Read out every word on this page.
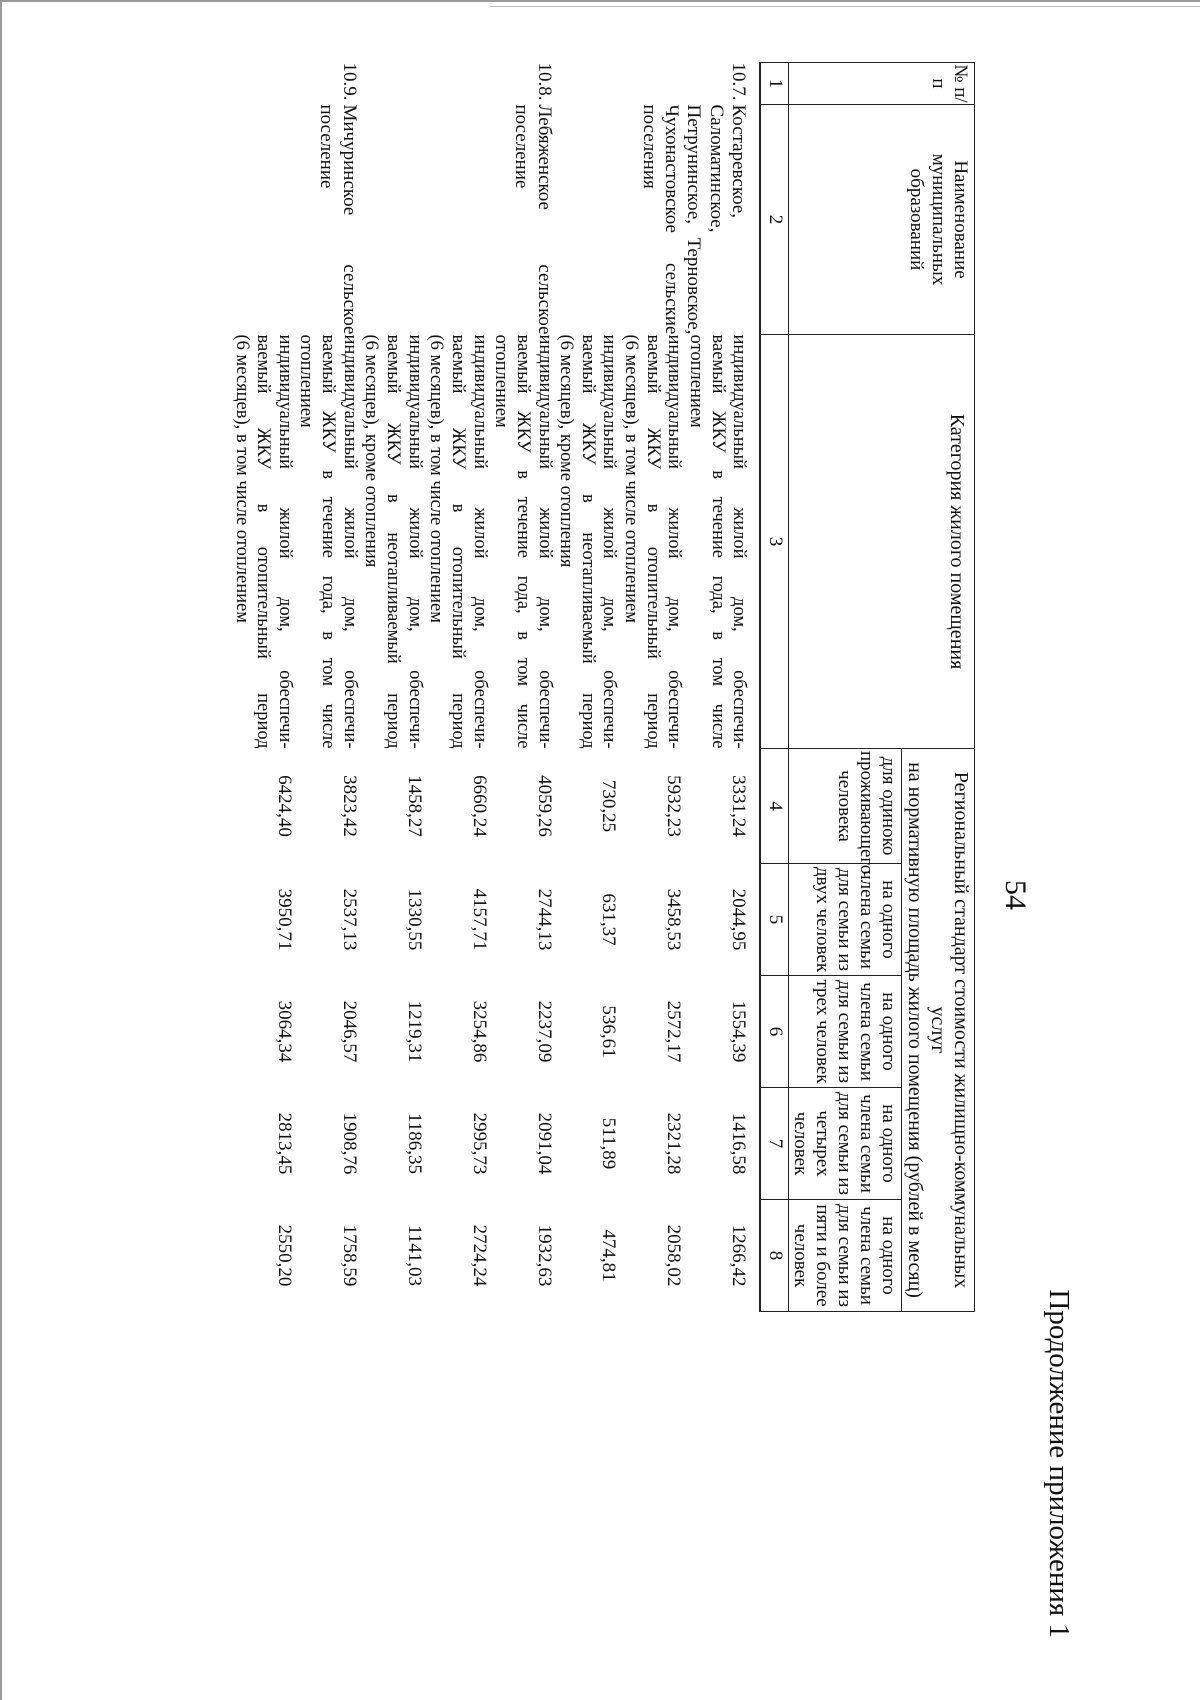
54
Продолжение приложения 1
№ п/п	Наименование муниципальных образований	Категория жилого помещения	Региональный стандарт стоимости жилищно-коммунальных услуг
на нормативную площадь жилого помещения (рублей в месяц)					

			для одиноко проживающего человека	на одного члена семьи для семьи из двух человек	на одного члена семьи для семьи из трех человек	на одного члена семьи для семьи из четырех человек	на одного члена семьи для семьи из пяти и более человек	
1	2	3	4	5	6	7	8	
10.7.	Костаревское, Саломатинское, Петрунинское, Терновское, Чухонастовское сельские поселения	индивидуальный жилой дом, обеспечи-
ваемый ЖКУ в течение года, в том числе
отоплением	3331,24	2044,95	1554,39	1416,58	1266,42	

		индивидуальный жилой дом, обеспечи-
ваемый ЖКУ в отопительный период
(6 месяцев), в том числе отоплением	5932,23	3458,53	2572,17	2321,28	2058,02	

		индивидуальный жилой дом, обеспечи-
ваемый ЖКУ в неотапливаемый период
(6 месяцев), кроме отопления	730,25	631,37	536,61	511,89	474,81	
10.8.	Лебяженское сельское поселение	индивидуальный жилой дом, обеспечи-
ваемый ЖКУ в течение года, в том числе
отоплением	4059,26	2744,13	2237,09	2091,04	1932,63	

		индивидуальный жилой дом, обеспечи-
ваемый ЖКУ в отопительный период
(6 месяцев), в том числе отоплением	6660,24	4157,71	3254,86	2995,73	2724,24	

		индивидуальный жилой дом, обеспечи-
ваемый ЖКУ в неотапливаемый период
(6 месяцев), кроме отопления	1458,27	1330,55	1219,31	1186,35	1141,03	
10.9.	Мичуринское сельское поселение	индивидуальный жилой дом, обеспечи-
ваемый ЖКУ в течение года, в том числе
отоплением	3823,42	2537,13	2046,57	1908,76	1758,59	

		индивидуальный жилой дом, обеспечи-
ваемый ЖКУ в отопительный период
(6 месяцев), в том числе отоплением	6424,40	3950,71	3064,34	2813,45	2550,20	
